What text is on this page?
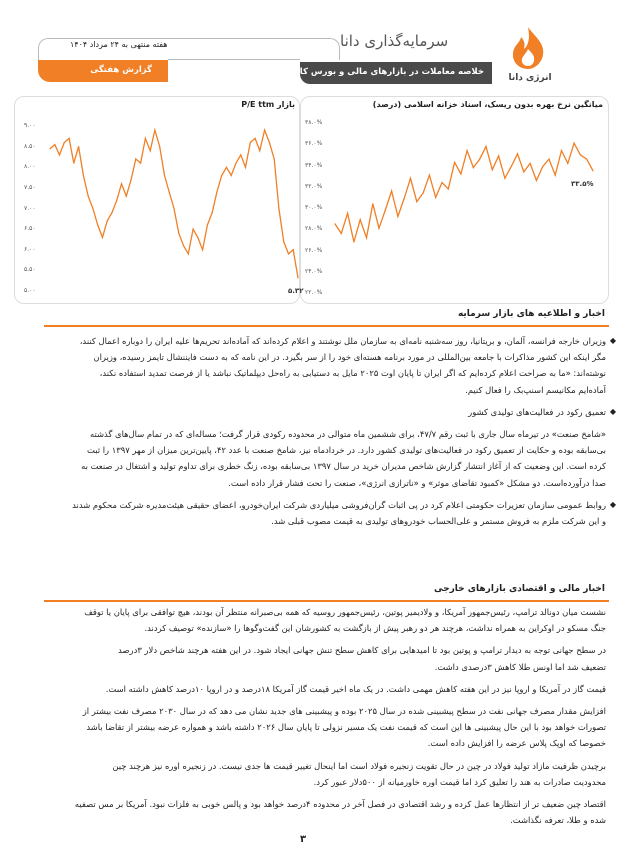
هفته منتهی به ۲۴ مرداد ۱۴۰۴	سرمایه‌گذاری دانا
خلاصه معاملات در بازارهای مالی و بورس کالا
گزارش هفتگی
انرژی دانا
میانگین نرخ بهره بدون ریسک، اسناد خزانه اسلامی (درصد)
۳۸.۰%
۳۶.۰%
۳۴.۰%
۳۲.۰%
۳۰.۰%
۲۸.۰%
۲۶.۰%
۲۴.۰%
۲۲.۰%
۳۳.۵%
بازار P/E ttm
۹.۰۰
۸.۵۰
۸.۰۰
۷.۵۰
۷.۰۰
۶.۵۰
۶.۰۰
۵.۵۰
۵.۰۰	۵.۳۲
اخبار و اطلاعیه های بازار سرمایه
◆
وزیران خارجه فرانسه، آلمان، و بریتانیا، روز سه‌شنبه نامه‌ای به سازمان ملل نوشتند و اعلام کرده‌اند که آماده‌اند تحریم‌ها علیه ایران را دوباره اعمال کنند،
مگر اینکه این کشور مذاکرات با جامعه بین‌المللی در مورد برنامه هسته‌ای خود را از سر بگیرد. در این نامه که به دست فایننشال تایمز رسیده، وزیران
نوشته‌اند: «ما به صراحت اعلام کرده‌ایم که اگر ایران تا پایان اوت ۲۰۲۵ مایل به دستیابی به راه‌حل دیپلماتیک نباشد یا از فرصت تمدید استفاده نکند،
آماده‌ایم مکانیسم اسنپ‌بک را فعال کنیم.
◆
تعمیق رکود در فعالیت‌های تولیدی کشور
«شامخ صنعت» در تیرماه سال جاری با ثبت رقم ۴۷/۷، برای ششمین ماه متوالی در محدوده رکودی قرار گرفت؛ مساله‌ای که در تمام سال‌های گذشته
بی‌سابقه بوده و حکایت از تعمیق رکود در فعالیت‌های تولیدی کشور دارد. در خردادماه نیز، شامخ صنعت با عدد ۴۲، پایین‌ترین میزان از مهر ۱۳۹۷ را ثبت
کرده است. این وضعیت که از آغاز انتشار گزارش شاخص مدیران خرید در سال ۱۳۹۷ بی‌سابقه بوده، زنگ خطری برای تداوم تولید و اشتغال در صنعت به
صدا درآورده‌است. دو مشکل «کمبود تقاضای موثر» و «ناترازی انرژی»، صنعت را تحت فشار قرار داده است.
◆
روابط عمومی سازمان تعزیرات حکومتی اعلام کرد در پی اثبات گران‌فروشی میلیاردی شرکت ایران‌خودرو، اعضای حقیقی هیئت‌مدیره شرکت محکوم شدند
و این شرکت ملزم به فروش مستمر و علی‌الحساب خودروهای تولیدی به قیمت مصوب قبلی شد.
اخبار مالی و اقتصادی بازارهای خارجی
نشست میان دونالد ترامپ، رئیس‌جمهور آمریکا، و ولادیمیر پوتین، رئیس‌جمهور روسیه که همه بی‌صبرانه منتظر آن بودند، هیچ توافقی برای پایان یا توقف
جنگ مسکو در اوکراین به همراه نداشت، هرچند هر دو رهبر پیش از بازگشت به کشورشان این گفت‌وگوها را «سازنده» توصیف کردند.
در سطح جهانی توجه به دیدار ترامپ و پوتین بود تا امیدهایی برای کاهش سطح تنش جهانی ایجاد شود. در این هفته هرچند شاخص دلار ۳درصد
تضعیف شد اما اونس طلا کاهش ۳درصدی داشت.
قیمت گاز در آمریکا و اروپا نیز در این هفته کاهش مهمی داشت. در یک ماه اخیر قیمت گاز آمریکا ۱۸درصد و در اروپا ۱۰درصد کاهش داشته است.
افزایش مقدار مصرف جهانی نفت در سطح پیشبینی شده در سال ۲۰۲۵ بوده و پیشبینی های جدید نشان می دهد که در سال ۲۰۳۰ مصرف نفت بیشتر از
تصورات خواهد بود با این حال پیشبینی ها این است که قیمت نفت یک مسیر نزولی تا پایان سال ۲۰۲۶ داشته باشد و همواره عرضه بیشتر از تقاضا باشد
خصوصا که اوپک پلاس عرضه را افزایش داده است.
برچیدن ظرفیت مازاد تولید فولاد در چین در حال تقویت زنجیره فولاد است اما اینحال تغییر قیمت ها جدی نیست. در زنجیره اوره نیز هرچند چین
محدودیت صادرات به هند را تعلیق کرد اما قیمت اوره خاورمیانه از ۵۰۰دلار عبور کرد.
اقتصاد چین ضعیف تر از انتظارها عمل کرده و رشد اقتصادی در فصل آخر در محدوده ۴درصد خواهد بود و پالس خوبی به فلزات نبود. آمریکا بر مس تصفیه
شده و طلا، تعرفه نگذاشت.
۳
